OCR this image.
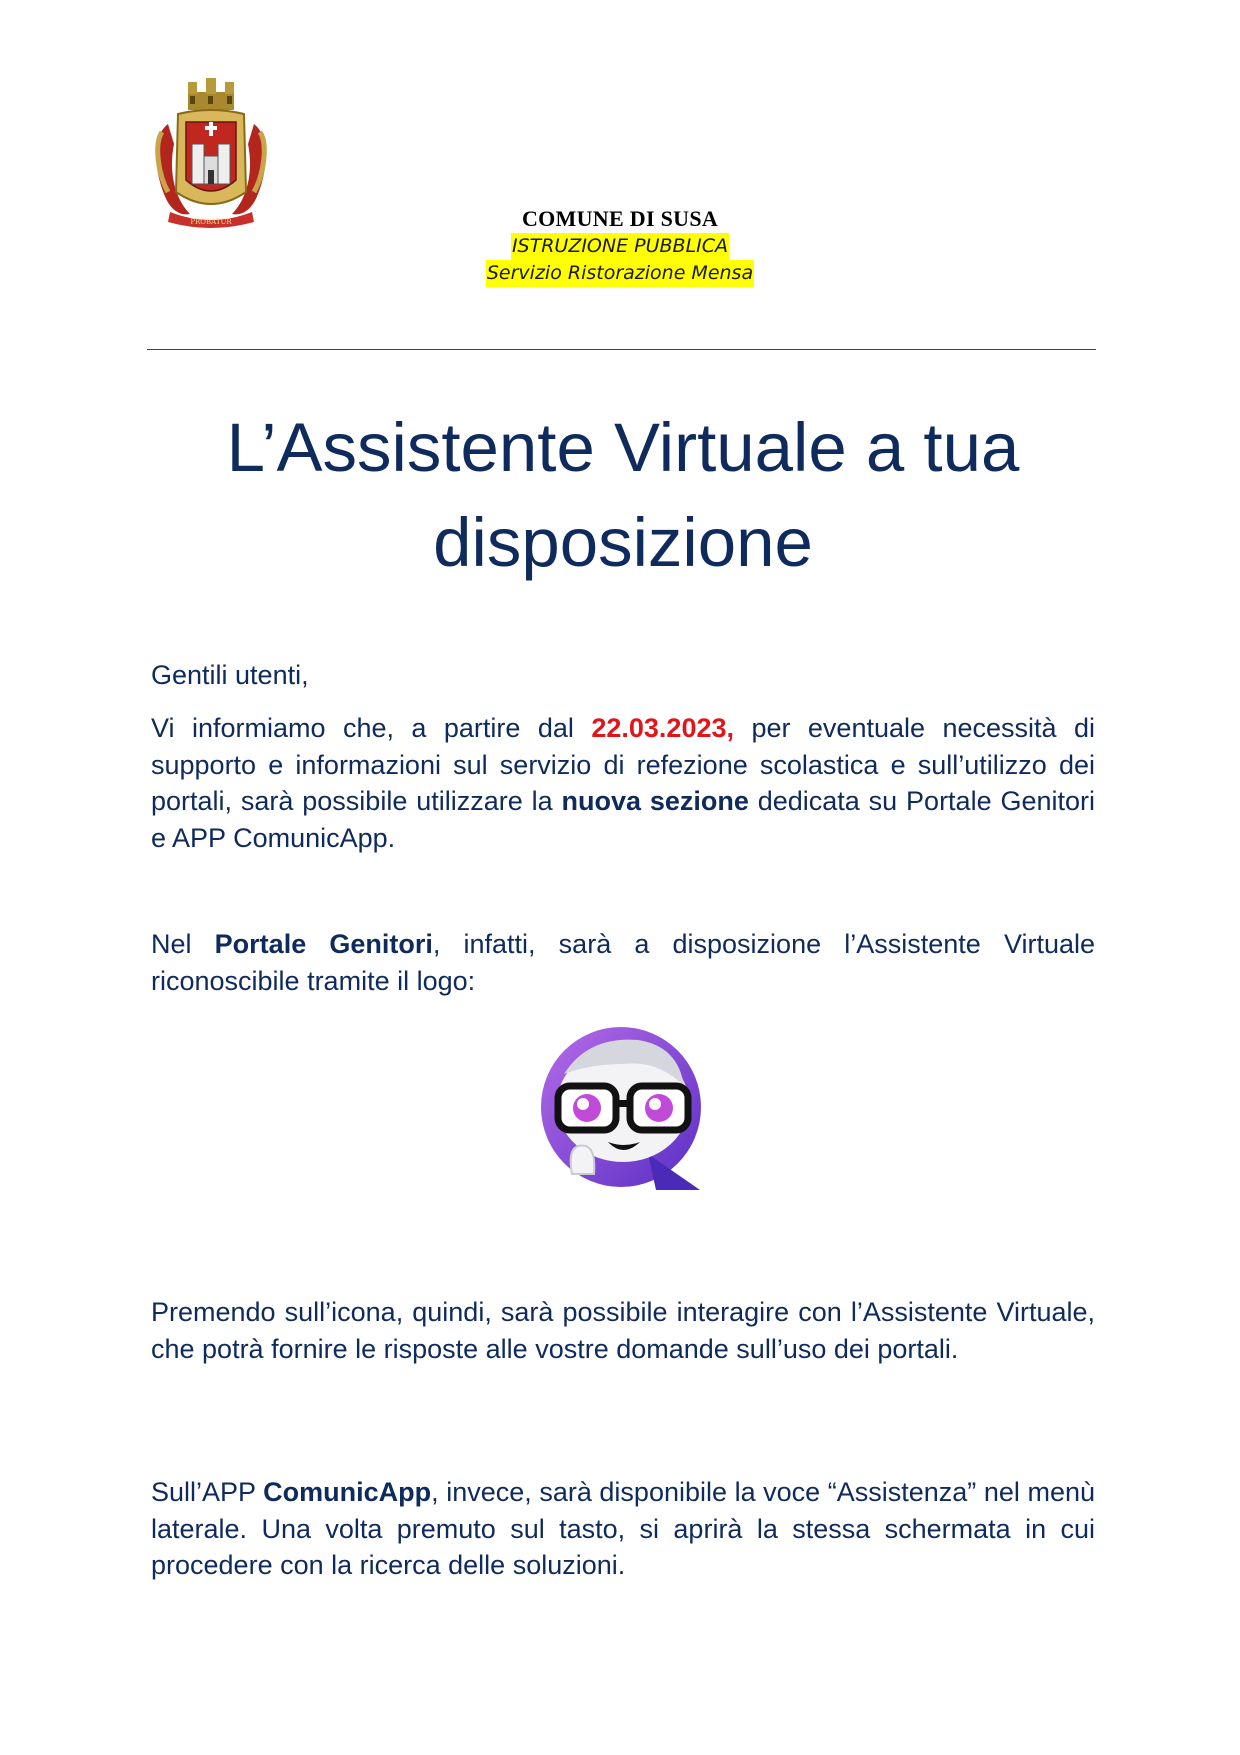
PROBATUR	COMUNE DI SUSA
ISTRUZIONE PUBBLICA
Servizio Ristorazione Mensa
L’Assistente Virtuale a tua
disposizione
Gentili utenti,
Vi informiamo che, a partire dal 22.03.2023, per eventuale necessità di supporto e informazioni sul servizio di refezione scolastica e sull’utilizzo dei portali, sarà possibile utilizzare la nuova sezione dedicata su Portale Genitori e APP ComunicApp.
Nel Portale Genitori, infatti, sarà a disposizione l’Assistente Virtuale riconoscibile tramite il logo:
Premendo sull’icona, quindi, sarà possibile interagire con l’Assistente Virtuale, che potrà fornire le risposte alle vostre domande sull’uso dei portali.
Sull’APP ComunicApp, invece, sarà disponibile la voce “Assistenza” nel menù laterale. Una volta premuto sul tasto, si aprirà la stessa schermata in cui procedere con la ricerca delle soluzioni.
